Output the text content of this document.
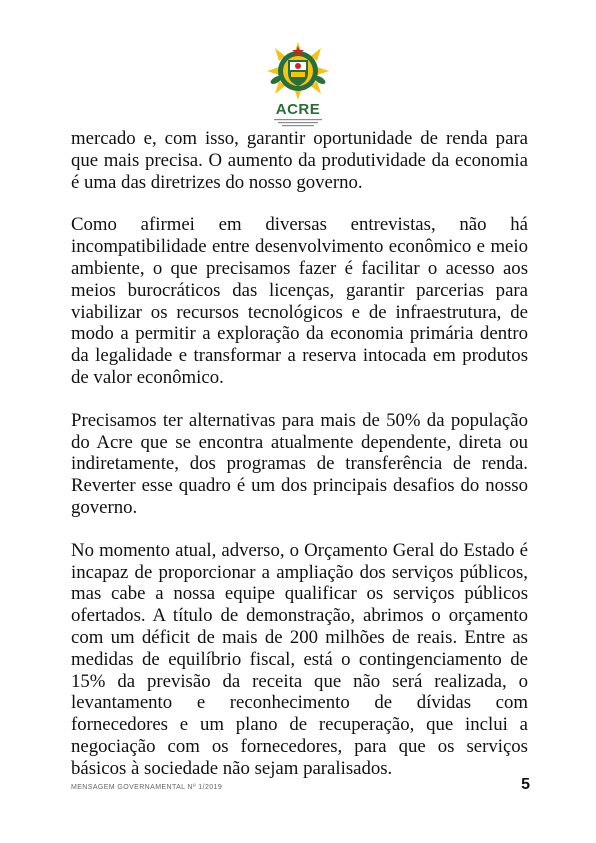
ACRE

mercado e, com isso, garantir oportunidade de renda para que mais precisa. O aumento da produtividade da economia é uma das diretrizes do nosso governo.

Como afirmei em diversas entrevistas, não há incompatibilidade entre desenvolvimento econômico e meio ambiente, o que precisamos fazer é facilitar o acesso aos meios burocráticos das licenças, garantir parcerias para viabilizar os recursos tecnológicos e de infraestrutura, de modo a permitir a exploração da economia primária dentro da legalidade e transformar a reserva intocada em produtos de valor econômico.

Precisamos ter alternativas para mais de 50% da população do Acre que se encontra atualmente dependente, direta ou indiretamente, dos programas de transferência de renda. Reverter esse quadro é um dos principais desafios do nosso governo.

No momento atual, adverso, o Orçamento Geral do Estado é incapaz de proporcionar a ampliação dos serviços públicos, mas cabe a nossa equipe qualificar os serviços públicos ofertados. A título de demonstração, abrimos o orçamento com um déficit de mais de 200 milhões de reais. Entre as medidas de equilíbrio fiscal, está o contingenciamento de 15% da previsão da receita que não será realizada, o levantamento e reconhecimento de dívidas com fornecedores e um plano de recuperação, que inclui a negociação com os fornecedores, para que os serviços básicos à sociedade não sejam paralisados.

MENSAGEM GOVERNAMENTAL Nº 1/2019	5
